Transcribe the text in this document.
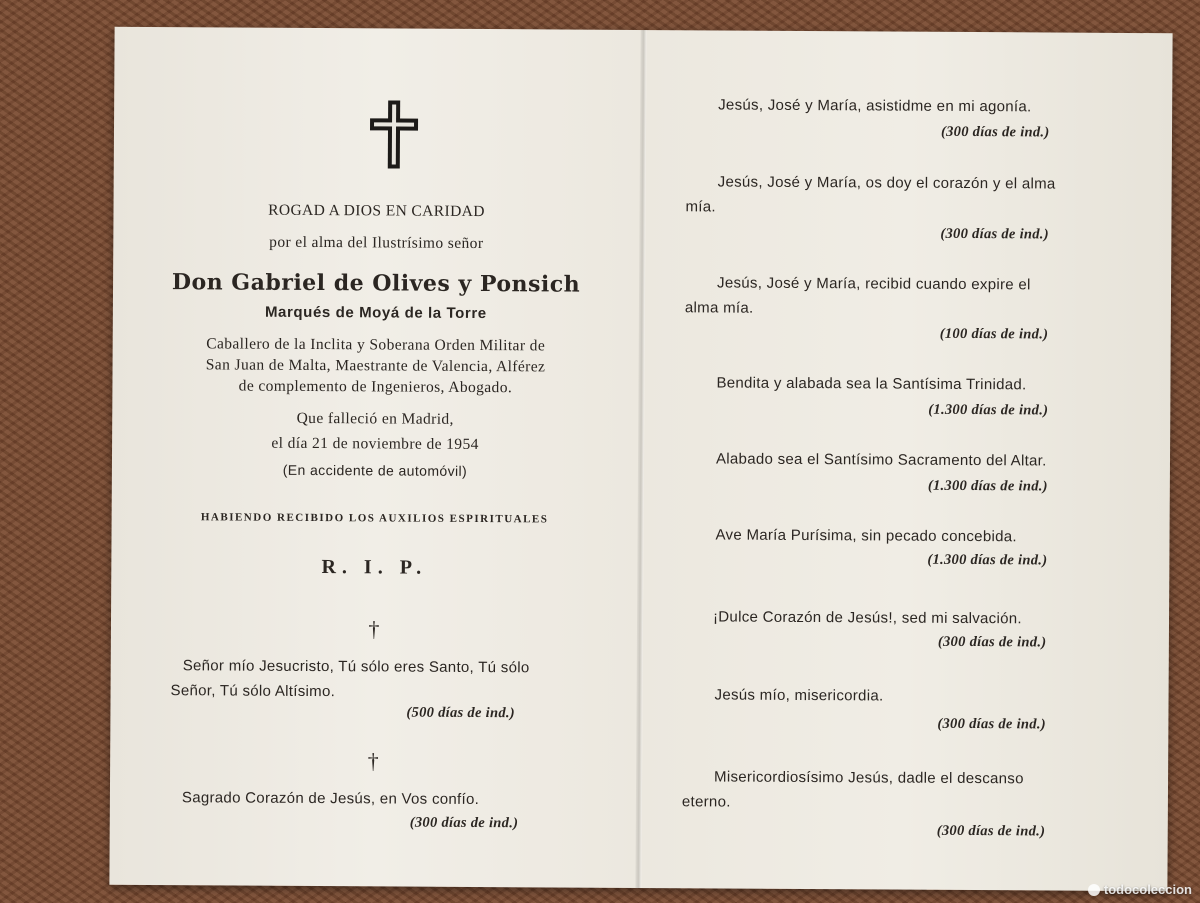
ROGAD A DIOS EN CARIDAD
por el alma del Ilustrísimo señor
Don Gabriel de Olives y Ponsich
Marqués de Moyá de la Torre
Caballero de la Inclita y Soberana Orden Militar de
San Juan de Malta, Maestrante de Valencia, Alférez
de complemento de Ingenieros, Abogado.
Que falleció en Madrid,
el día 21 de noviembre de 1954
(En accidente de automóvil)
HABIENDO RECIBIDO LOS AUXILIOS ESPIRITUALES
R. I. P.
†
Señor mío Jesucristo, Tú sólo eres Santo, Tú sólo
Señor, Tú sólo Altísimo.
(500 días de ind.)
†
Sagrado Corazón de Jesús, en Vos confío.
(300 días de ind.)
Jesús, José y María, asistidme en mi agonía.
(300 días de ind.)
Jesús, José y María, os doy el corazón y el alma
mía.
(300 días de ind.)
Jesús, José y María, recibid cuando expire el
alma mía.
(100 días de ind.)
Bendita y alabada sea la Santísima Trinidad.
(1.300 días de ind.)
Alabado sea el Santísimo Sacramento del Altar.
(1.300 días de ind.)
Ave María Purísima, sin pecado concebida.
(1.300 días de ind.)
¡Dulce Corazón de Jesús!, sed mi salvación.
(300 días de ind.)
Jesús mío, misericordia.
(300 días de ind.)
Misericordiosísimo Jesús, dadle el descanso
eterno.
(300 días de ind.)
todocoleccion
